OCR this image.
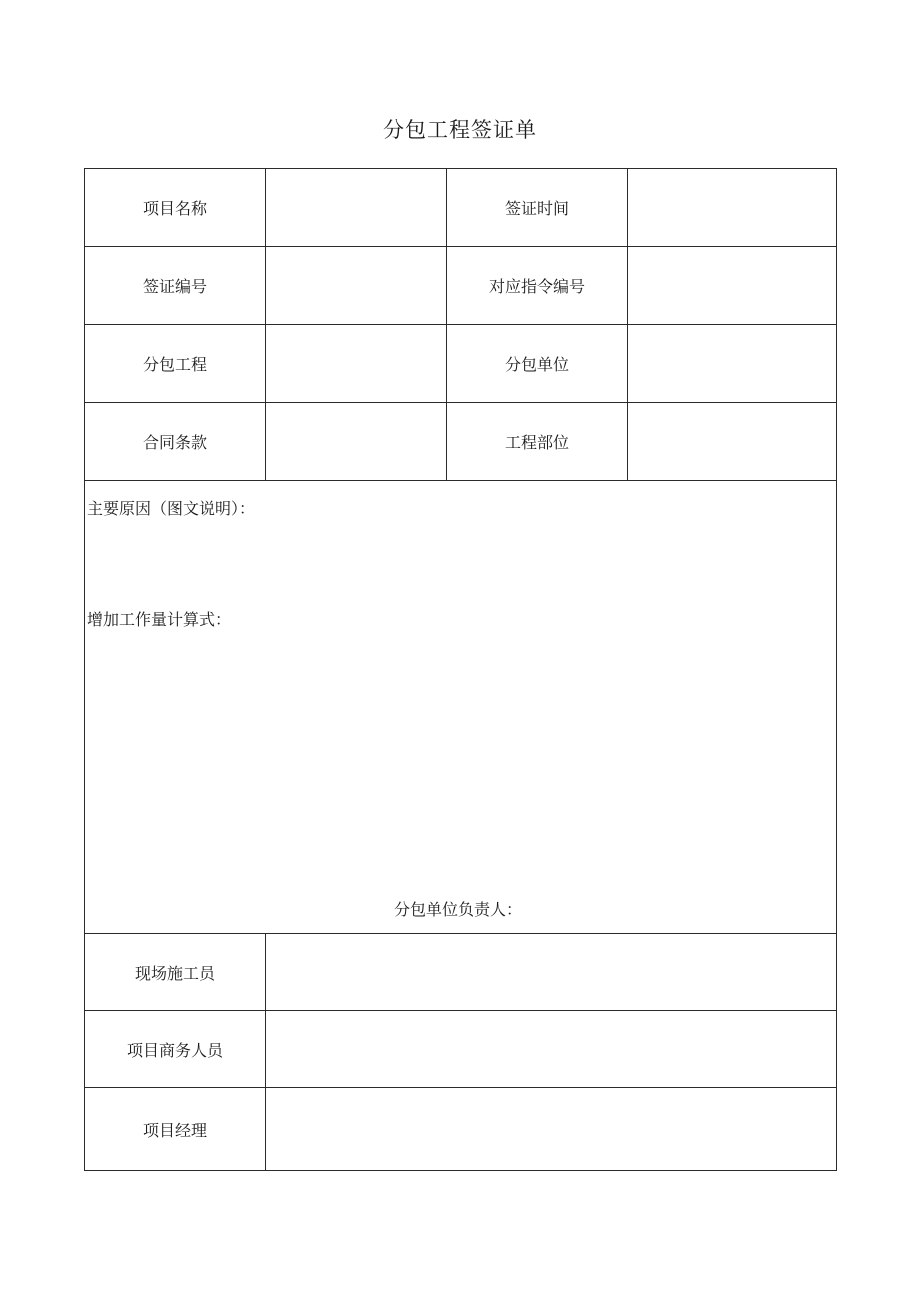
分包工程签证单
项目名称		签证时间	
签证编号		对应指令编号	
分包工程		分包单位	
合同条款		工程部位	

主要原因（图文说明）：
增加工作量计算式：
分包单位负责人：			

现场施工员			
项目商务人员			
项目经理			
